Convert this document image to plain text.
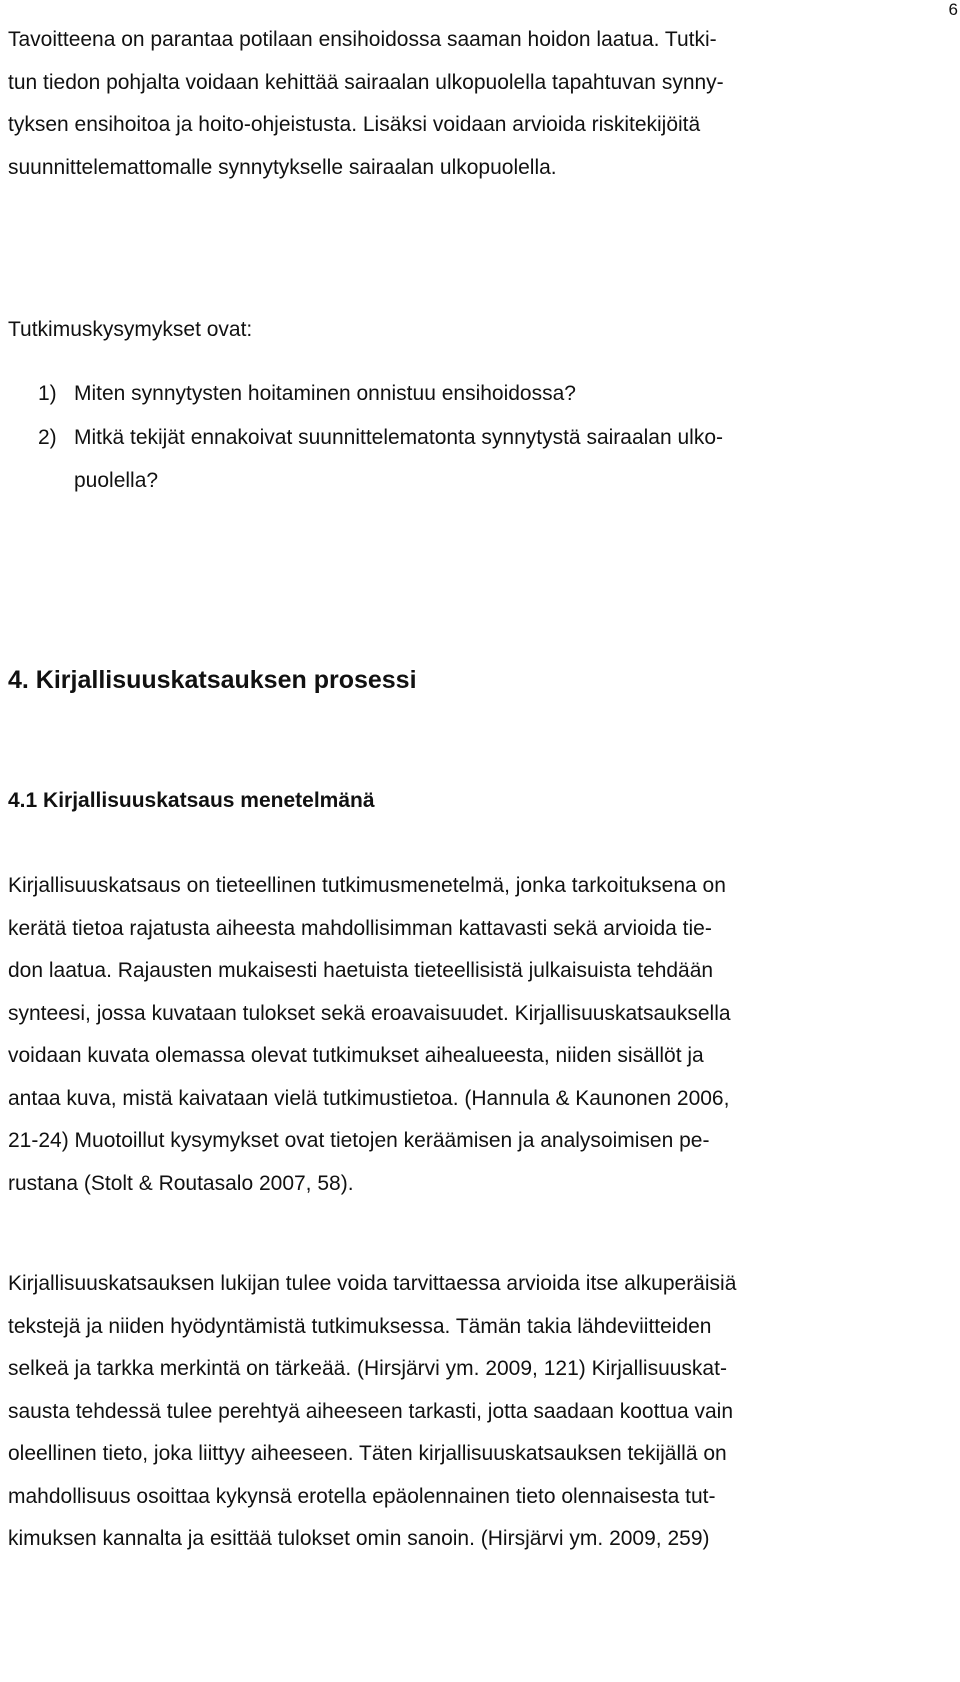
6
Tavoitteena on parantaa potilaan ensihoidossa saaman hoidon laatua. Tutki-
tun tiedon pohjalta voidaan kehittää sairaalan ulkopuolella tapahtuvan synny-
tyksen ensihoitoa ja hoito-ohjeistusta. Lisäksi voidaan arvioida riskitekijöitä
suunnittelemattomalle synnytykselle sairaalan ulkopuolella.
Tutkimuskysymykset ovat:
1) Miten synnytysten hoitaminen onnistuu ensihoidossa?
2) Mitkä tekijät ennakoivat suunnittelematonta synnytystä sairaalan ulko-
puolella?
4. Kirjallisuuskatsauksen prosessi
4.1 Kirjallisuuskatsaus menetelmänä
Kirjallisuuskatsaus on tieteellinen tutkimusmenetelmä, jonka tarkoituksena on
kerätä tietoa rajatusta aiheesta mahdollisimman kattavasti sekä arvioida tie-
don laatua. Rajausten mukaisesti haetuista tieteellisistä julkaisuista tehdään
synteesi, jossa kuvataan tulokset sekä eroavaisuudet. Kirjallisuuskatsauksella
voidaan kuvata olemassa olevat tutkimukset aihealueesta, niiden sisällöt ja
antaa kuva, mistä kaivataan vielä tutkimustietoa. (Hannula & Kaunonen 2006,
21-24) Muotoillut kysymykset ovat tietojen keräämisen ja analysoimisen pe-
rustana (Stolt & Routasalo 2007, 58).
Kirjallisuuskatsauksen lukijan tulee voida tarvittaessa arvioida itse alkuperäisiä
tekstejä ja niiden hyödyntämistä tutkimuksessa. Tämän takia lähdeviitteiden
selkeä ja tarkka merkintä on tärkeää. (Hirsjärvi ym. 2009, 121) Kirjallisuuskat-
sausta tehdessä tulee perehtyä aiheeseen tarkasti, jotta saadaan koottua vain
oleellinen tieto, joka liittyy aiheeseen. Täten kirjallisuuskatsauksen tekijällä on
mahdollisuus osoittaa kykynsä erotella epäolennainen tieto olennaisesta tut-
kimuksen kannalta ja esittää tulokset omin sanoin. (Hirsjärvi ym. 2009, 259)
